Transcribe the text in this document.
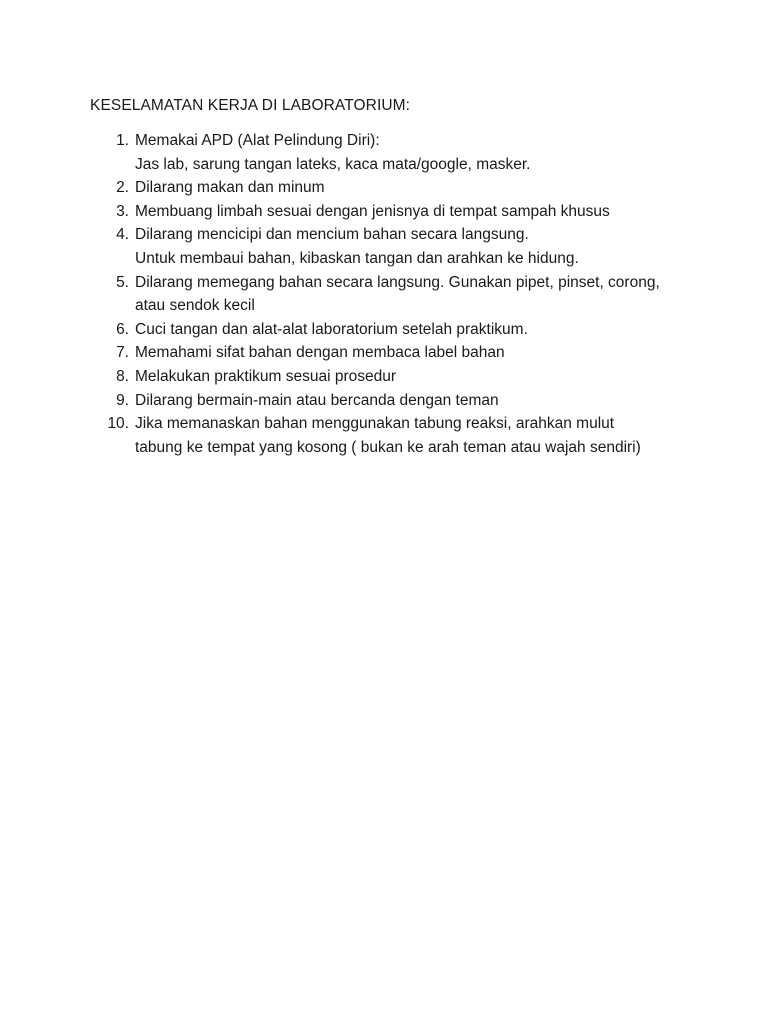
KESELAMATAN KERJA DI LABORATORIUM:
1. Memakai APD (Alat Pelindung Diri):
Jas lab, sarung tangan lateks, kaca mata/google, masker.
2. Dilarang makan dan minum
3. Membuang limbah sesuai dengan jenisnya di tempat sampah khusus
4. Dilarang mencicipi dan mencium bahan secara langsung.
Untuk membaui bahan, kibaskan tangan dan arahkan ke hidung.
5. Dilarang memegang bahan secara langsung. Gunakan pipet, pinset, corong,
atau sendok kecil
6. Cuci tangan dan alat-alat laboratorium setelah praktikum.
7. Memahami sifat bahan dengan membaca label bahan
8. Melakukan praktikum sesuai prosedur
9. Dilarang bermain-main atau bercanda dengan teman
10. Jika memanaskan bahan menggunakan tabung reaksi, arahkan mulut
tabung ke tempat yang kosong ( bukan ke arah teman atau wajah sendiri)
